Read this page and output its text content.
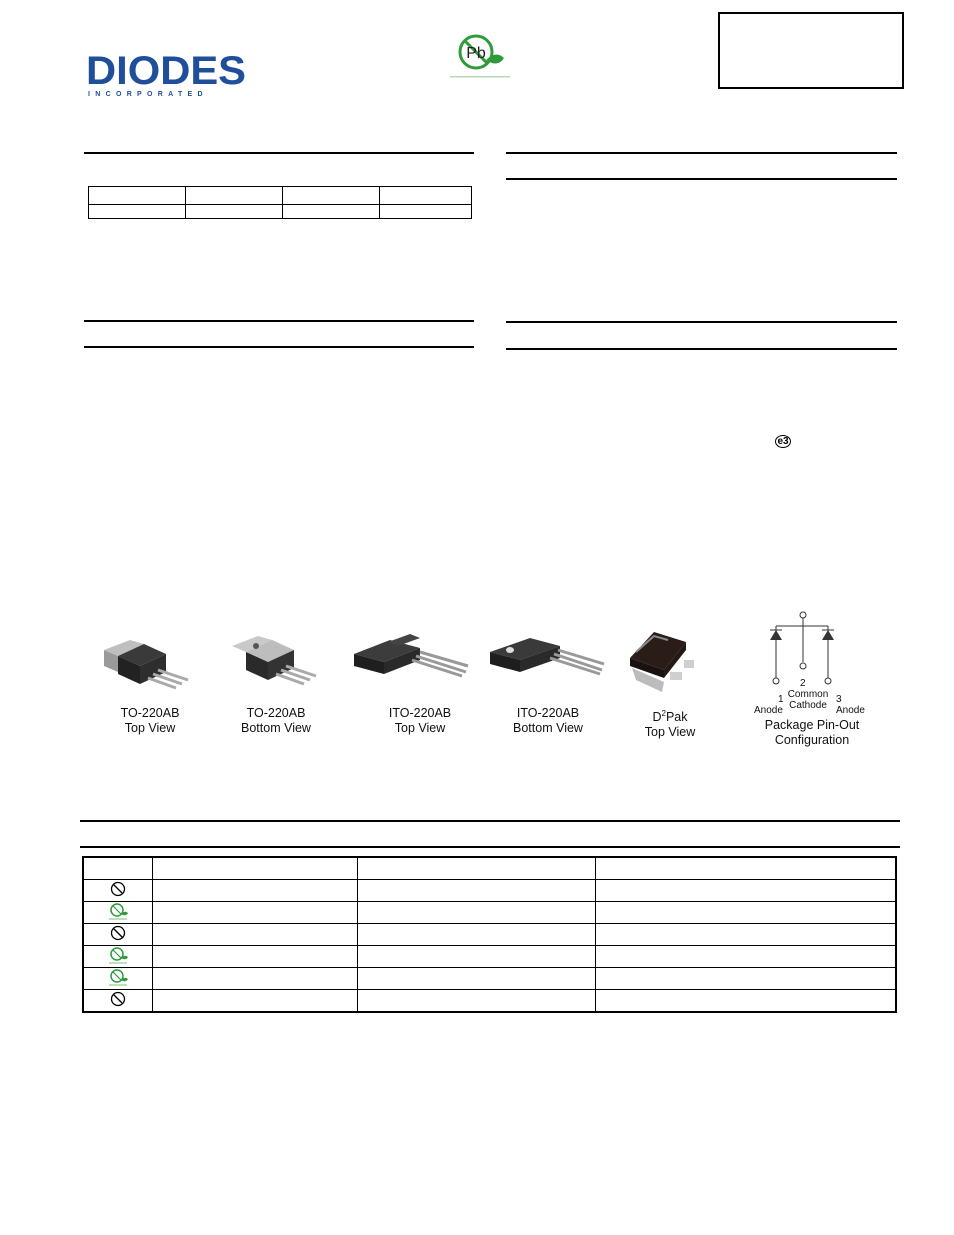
DIODES
INCORPORATED
Pb

e3
TO-220AB
Top View
TO-220AB
Bottom View
ITO-220AB
Top View
ITO-220AB
Bottom View
$D^2Pak$
Top View
1
Anode
2
Common
Cathode
3
Anode
Package Pin-Out
Configuration
